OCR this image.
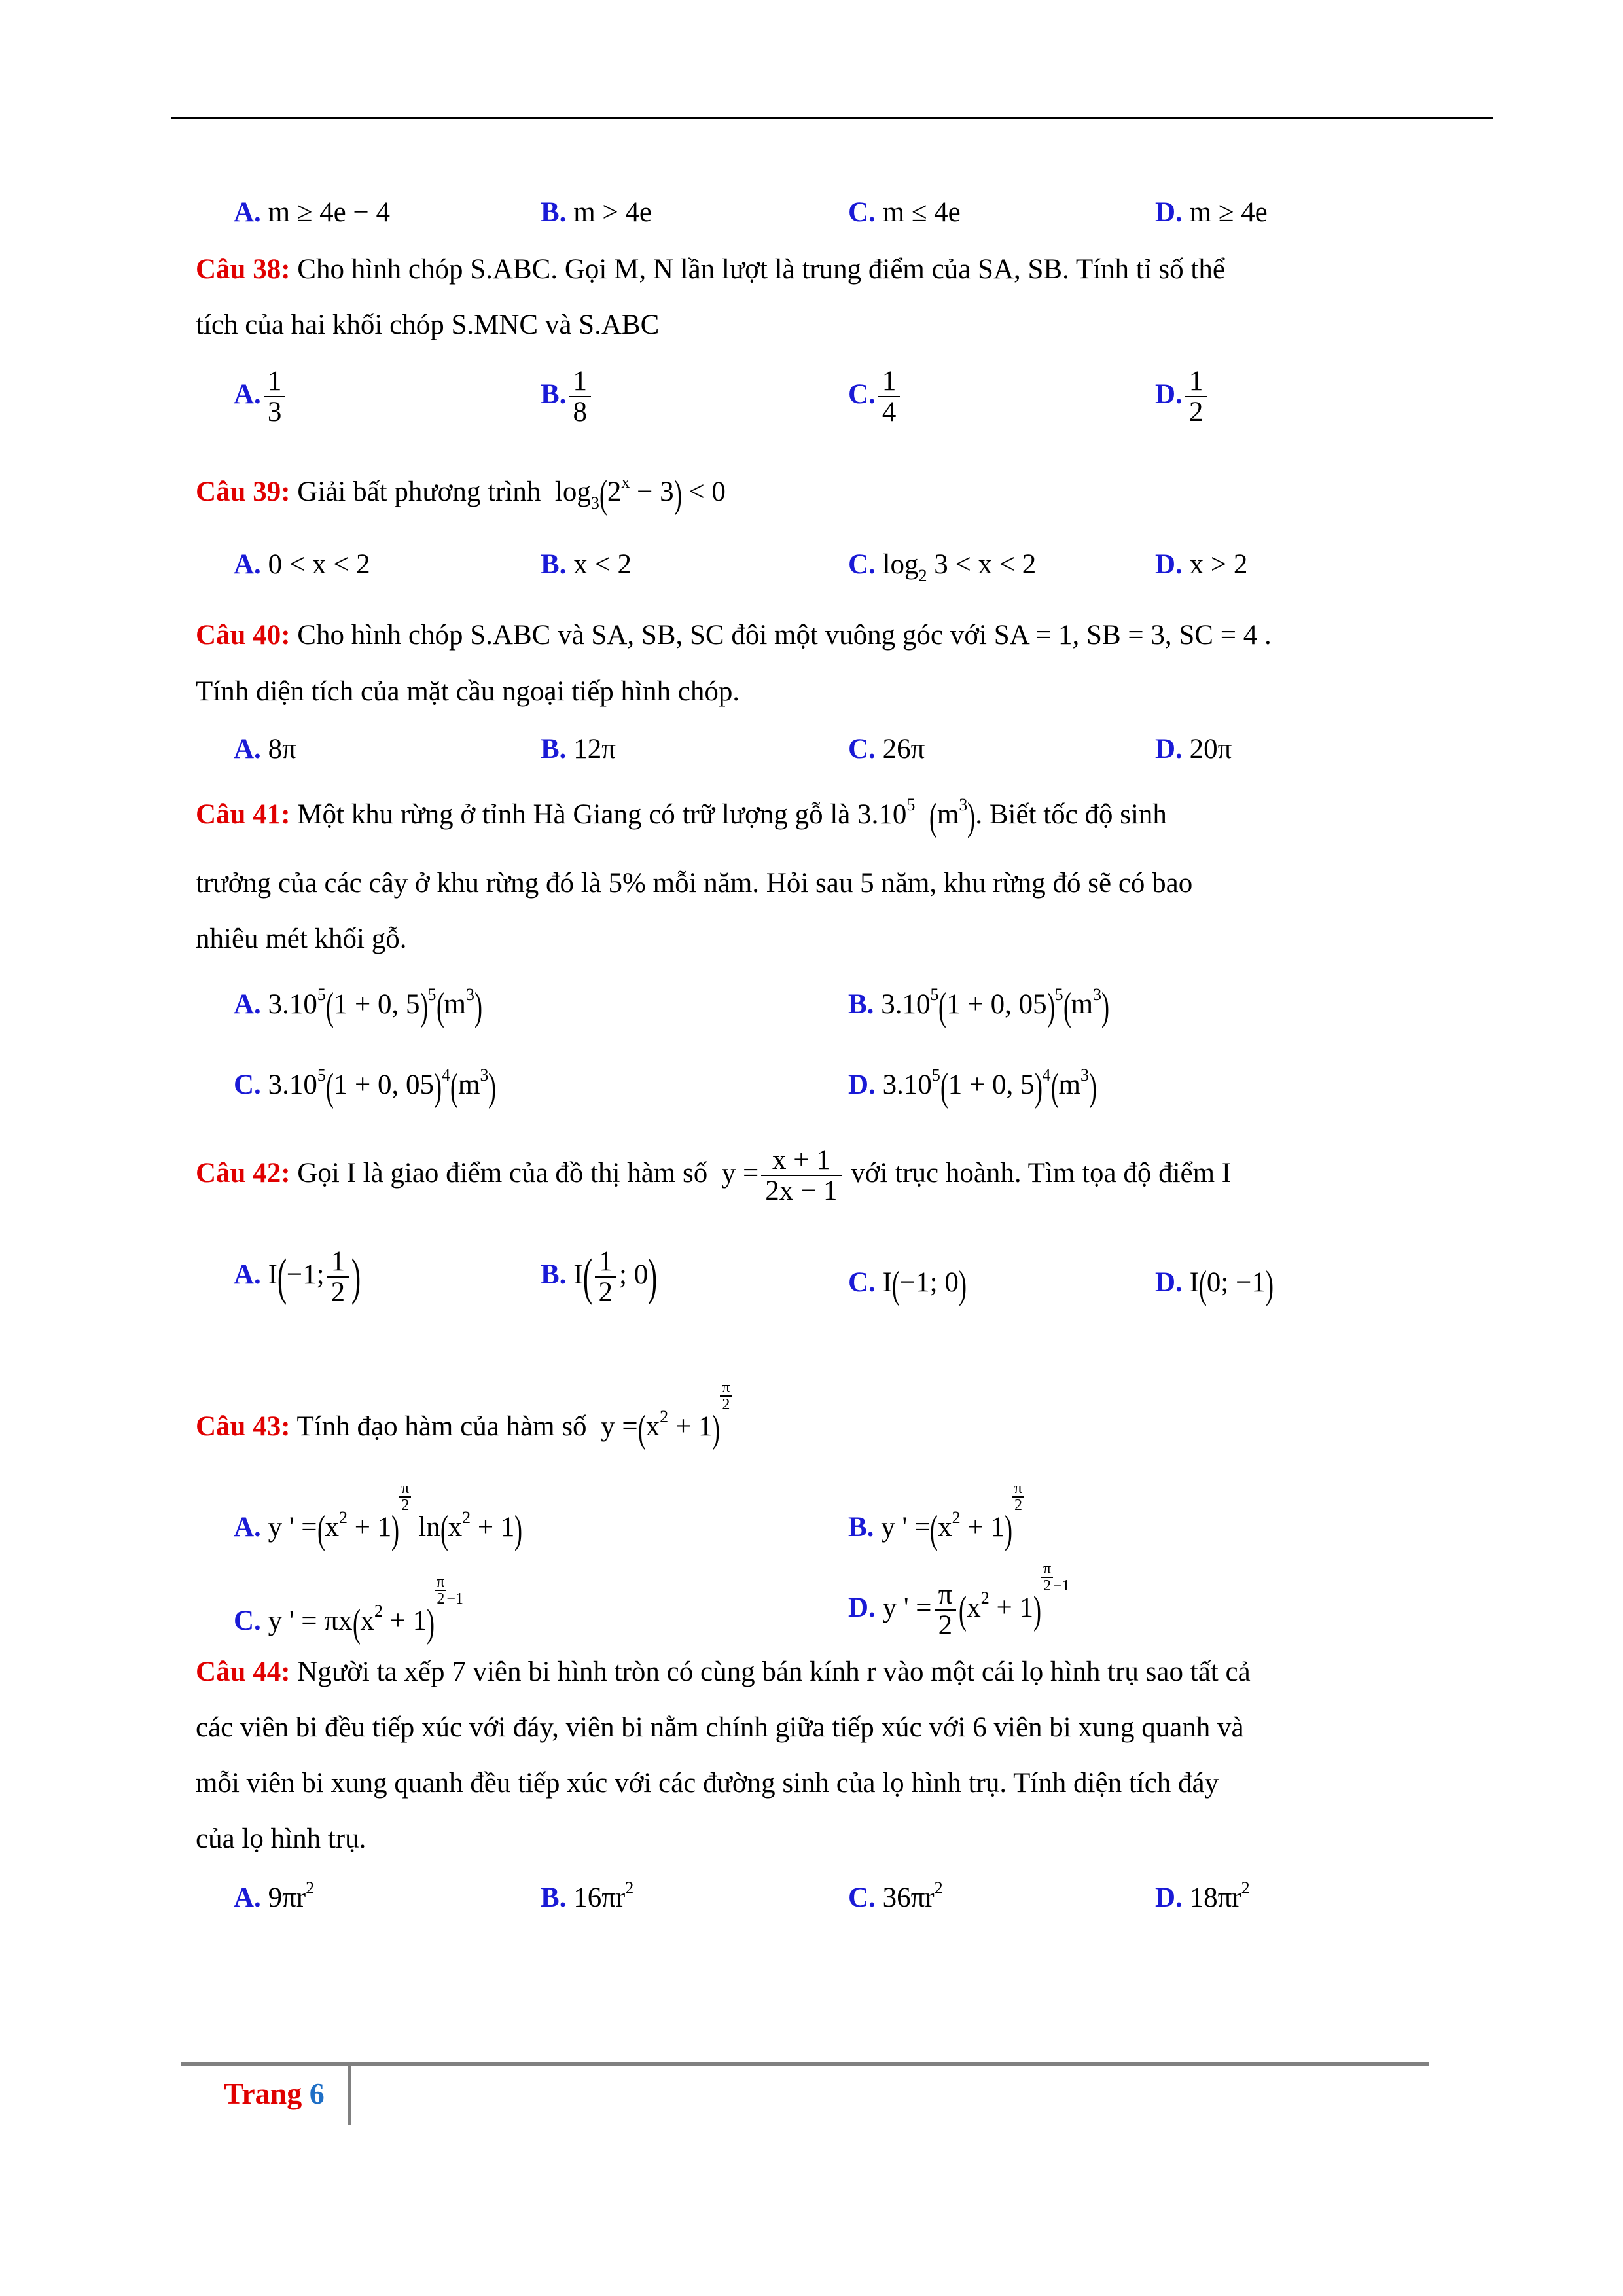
A. m ≥ 4e − 4	B. m > 4e	C. m ≤ 4e	D. m ≥ 4e
Câu 38: Cho hình chóp S.ABC. Gọi M, N lần lượt là trung điểm của SA, SB. Tính tỉ số thể
tích của hai khối chóp S.MNC và S.ABC
A. $\frac{1}{3}$	B. $\frac{1}{8}$	C. $\frac{1}{4}$	D. $\frac{1}{2}$
Câu 39: Giải bất phương trình $\log_3(2^x - 3) < 0$
A. 0 < x < 2	B. x < 2	C. $\log_2 3 < x < 2$	D. x > 2
Câu 40: Cho hình chóp S.ABC và SA, SB, SC đôi một vuông góc với SA = 1, SB = 3, SC = 4 .
Tính diện tích của mặt cầu ngoại tiếp hình chóp.
A. 8π	B. 12π	C. 26π	D. 20π
Câu 41: Một khu rừng ở tỉnh Hà Giang có trữ lượng gỗ là 3.10$^5$ $(m^3)$. Biết tốc độ sinh
trưởng của các cây ở khu rừng đó là 5% mỗi năm. Hỏi sau 5 năm, khu rừng đó sẽ có bao
nhiêu mét khối gỗ.
A. $3.10^5(1 + 0$, $5)^5(m^3)$	B. $3.10^5(1 + 0$, $05)^5(m^3)$
C. $3.10^5(1 + 0$, $05)^4(m^3)$	D. $3.10^5(1 + 0$, $5)^4(m^3)$
Câu 42: Gọi I là giao điểm của đồ thị hàm số $y = \frac{x + 1}{2x - 1}$ với trục hoành. Tìm tọa độ điểm I
A. I(−1; $\frac{1}{2}$ )	B. $I( \frac{1}{2}$ ; 0)	C. I(−1; 0)	D. I(0; −1)
Câu 43: Tính đạo hàm của hàm số $y =(x^2 + 1)$
$\frac{\pi}{2}$
A. y ' $=(x^2 + 1)$
$\frac{\pi}{2}$
$\ln(x^2 + 1)$	B. y ' $=(x^2 + 1)$
$\frac{\pi}{2}$
C. y ' = $\pi x(x^2 + 1)$
$\frac{\pi}{2} ^{-1}$	D. y ' = $\frac{\pi}{2} (x^2 + 1)$
$\frac{\pi}{2} ^{-1}$
Câu 44: Người ta xếp 7 viên bi hình tròn có cùng bán kính r vào một cái lọ hình trụ sao tất cả
các viên bi đều tiếp xúc với đáy, viên bi nằm chính giữa tiếp xúc với 6 viên bi xung quanh và
mỗi viên bi xung quanh đều tiếp xúc với các đường sinh của lọ hình trụ. Tính diện tích đáy
của lọ hình trụ.
A. $9\pi r^2$	B. $16\pi r^2$	C. $36\pi r^2$	D. $18\pi r^2$
Trang 6
